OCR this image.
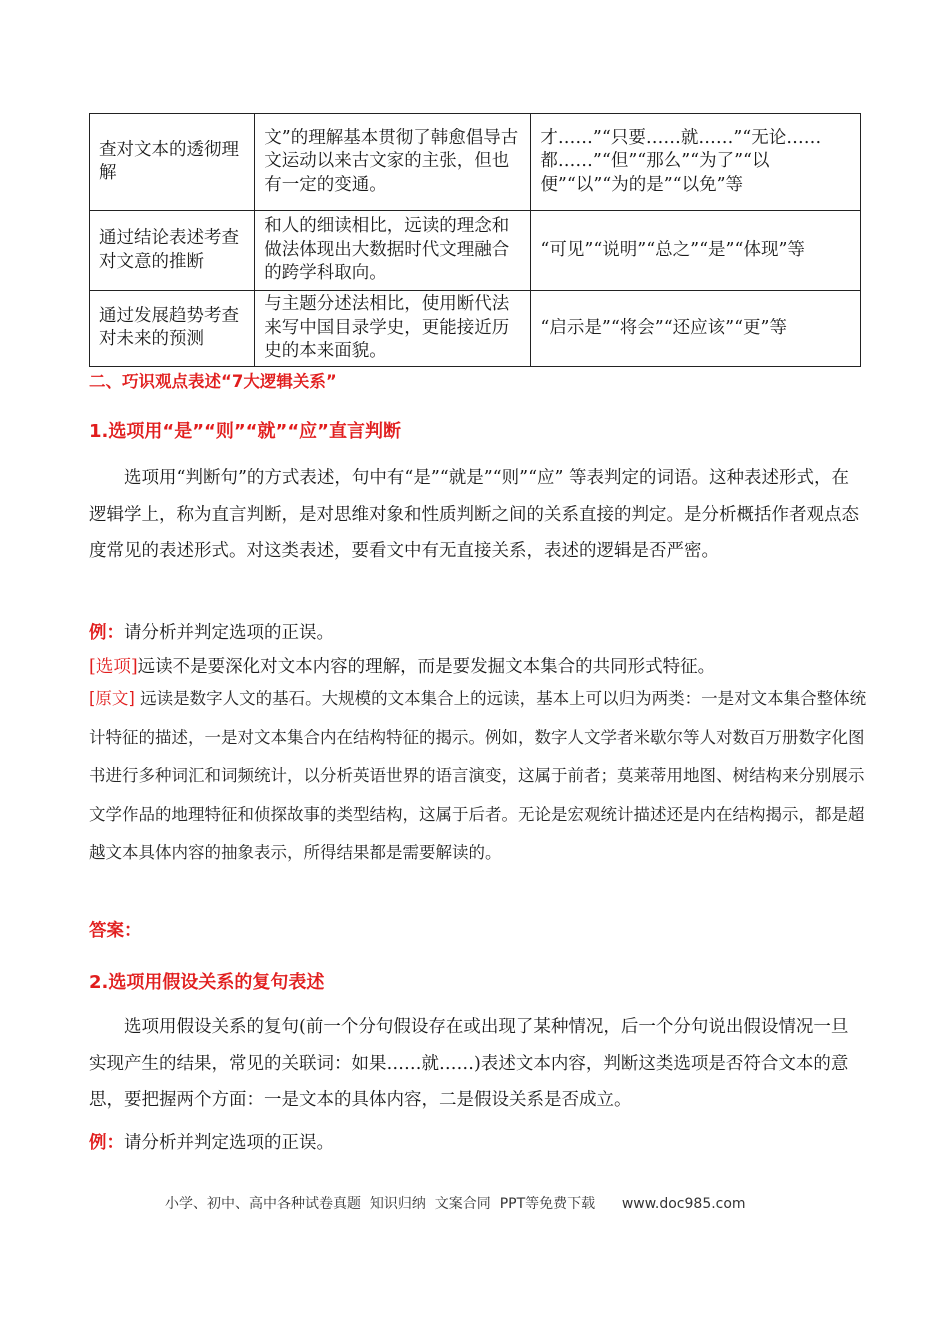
查对文本的透彻理解	文”的理解基本贯彻了韩愈倡导古文运动以来古文家的主张，但也有一定的变通。	才……”“只要……就……”“无论……都……”“但”“那么”“为了”“以便”“以”“为的是”“以免”等
通过结论表述考查对文意的推断	和人的细读相比，远读的理念和做法体现出大数据时代文理融合的跨学科取向。	“可见”“说明”“总之”“是”“体现”等
通过发展趋势考查对未来的预测	与主题分述法相比，使用断代法来写中国目录学史，更能接近历史的本来面貌。	“启示是”“将会”“还应该”“更”等
二、巧识观点表述“7大逻辑关系”
1.选项用“是”“则”“就”“应”直言判断

选项用“判断句”的方式表述，句中有“是”“就是”“则”“应” 等表判定的词语。这种表述形式，在逻辑学上，称为直言判断，是对思维对象和性质判断之间的关系直接的判定。是分析概括作者观点态度常见的表述形式。对这类表述，要看文中有无直接关系，表述的逻辑是否严密。

例：请分析并判定选项的正误。
[选项]远读不是要深化对文本内容的理解，而是要发掘文本集合的共同形式特征。

[原文] 远读是数字人文的基石。大规模的文本集合上的远读，基本上可以归为两类：一是对文本集合整体统计特征的描述，一是对文本集合内在结构特征的揭示。例如，数字人文学者米歇尔等人对数百万册数字化图书进行多种词汇和词频统计，以分析英语世界的语言演变，这属于前者；莫莱蒂用地图、树结构来分别展示文学作品的地理特征和侦探故事的类型结构，这属于后者。无论是宏观统计描述还是内在结构揭示，都是超越文本具体内容的抽象表示，所得结果都是需要解读的。

答案：
2.选项用假设关系的复句表述

选项用假设关系的复句(前一个分句假设存在或出现了某种情况，后一个分句说出假设情况一旦实现产生的结果，常见的关联词：如果……就……)表述文本内容，判断这类选项是否符合文本的意思，要把握两个方面：一是文本的具体内容，二是假设关系是否成立。

例：请分析并判定选项的正误。
小学、初中、高中各种试卷真题  知识归纳  文案合同  PPT等免费下载      www.doc985.com
